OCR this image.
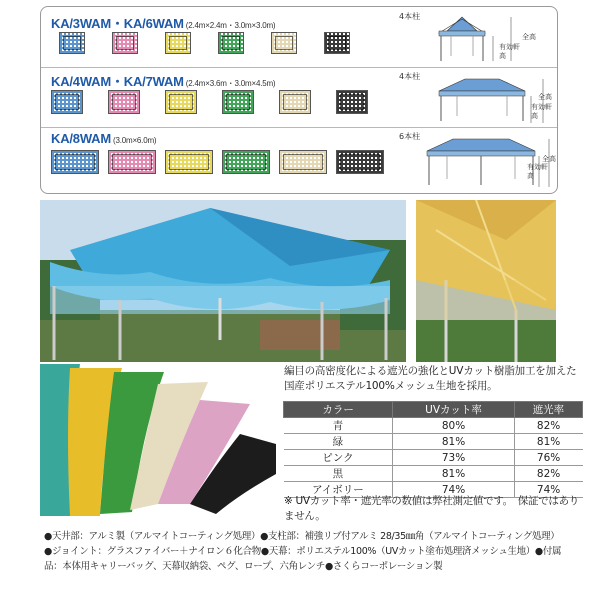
KA/3WAM・KA/6WAM (2.4m×2.4m・3.0m×3.0m)
KA/4WAM・KA/7WAM (2.4m×3.6m・3.0m×4.5m)
KA/8WAM (3.0m×6.0m)
4本柱
全高
有効軒高
4本柱
全高
有効軒高
6本柱
全高
有効軒高
編目の高密度化による遮光の強化とUVカット樹脂加工を加えた国産ポリエステル100%メッシュ生地を採用。
カラー	UVカット率	遮光率
青	80%	82%
緑	81%	81%
ピンク	73%	76%
黒	81%	82%
アイボリー	74%	74%
※ UVカット率・遮光率の数値は弊社測定値です。　保証ではありません。
●天井部：アルミ製（アルマイトコーティング処理）●支柱部：補強リブ付アルミ 28/35㎜角（アルマイトコーティング処理）●ジョイント：グラスファイバー＋ナイロン６化合物●天幕：ポリエステル100%（UVカット塗布処理済メッシュ生地）●付属品：本体用キャリーバッグ、天幕収納袋、ペグ、ロープ、六角レンチ●さくらコーポレーション製
